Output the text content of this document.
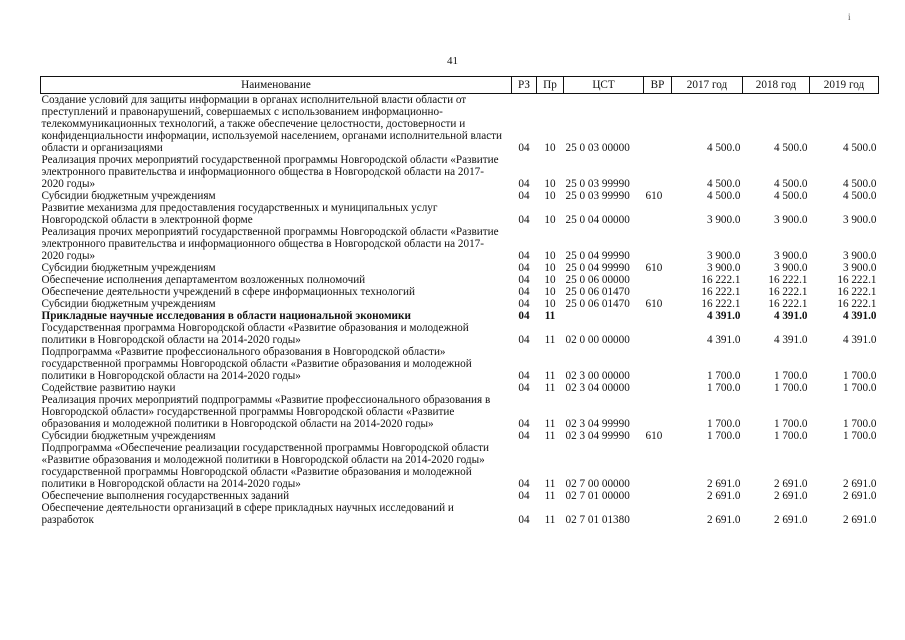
i
41
Наименование	РЗ	Пр	ЦСТ	ВР	2017 год	2018 год	2019 год
Создание условий для защиты информации в органах исполнительной власти области от преступлений и правонарушений, совершаемых с использованием информационно-телекоммуникационных технологий, а также обеспечение целостности, достоверности и конфиденциальности информации, используемой населением, органами исполнительной власти области и организациями	04	10	25 0 03 00000		4 500.0	4 500.0	4 500.0
Реализация прочих мероприятий государственной программы Новгородской области «Развитие электронного правительства и информационного общества в Новгородской области на 2017-2020 годы»	04	10	25 0 03 99990		4 500.0	4 500.0	4 500.0
Субсидии бюджетным учреждениям	04	10	25 0 03 99990	610	4 500.0	4 500.0	4 500.0
Развитие механизма для предоставления государственных и муниципальных услуг Новгородской области в электронной форме	04	10	25 0 04 00000		3 900.0	3 900.0	3 900.0
Реализация прочих мероприятий государственной программы Новгородской области «Развитие электронного правительства и информационного общества в Новгородской области на 2017-2020 годы»	04	10	25 0 04 99990		3 900.0	3 900.0	3 900.0
Субсидии бюджетным учреждениям	04	10	25 0 04 99990	610	3 900.0	3 900.0	3 900.0
Обеспечение исполнения департаментом возложенных полномочий	04	10	25 0 06 00000		16 222.1	16 222.1	16 222.1
Обеспечение деятельности учреждений в сфере информационных технологий	04	10	25 0 06 01470		16 222.1	16 222.1	16 222.1
Субсидии бюджетным учреждениям	04	10	25 0 06 01470	610	16 222.1	16 222.1	16 222.1
Прикладные научные исследования в области национальной экономики	04	11			4 391.0	4 391.0	4 391.0
Государственная программа Новгородской области «Развитие образования и молодежной политики в Новгородской области на 2014-2020 годы»	04	11	02 0 00 00000		4 391.0	4 391.0	4 391.0
Подпрограмма «Развитие профессионального образования в Новгородской области» государственной программы Новгородской области «Развитие образования и молодежной политики в Новгородской области на 2014-2020 годы»	04	11	02 3 00 00000		1 700.0	1 700.0	1 700.0
Содействие развитию науки	04	11	02 3 04 00000		1 700.0	1 700.0	1 700.0
Реализация прочих мероприятий подпрограммы «Развитие профессионального образования в Новгородской области» государственной программы Новгородской области «Развитие образования и молодежной политики в Новгородской области на 2014-2020 годы»	04	11	02 3 04 99990		1 700.0	1 700.0	1 700.0
Субсидии бюджетным учреждениям	04	11	02 3 04 99990	610	1 700.0	1 700.0	1 700.0
Подпрограмма «Обеспечение реализации государственной программы Новгородской области «Развитие образования и молодежной политики в Новгородской области на 2014-2020 годы» государственной программы Новгородской области «Развитие образования и молодежной политики в Новгородской области на 2014-2020 годы»	04	11	02 7 00 00000		2 691.0	2 691.0	2 691.0
Обеспечение выполнения государственных заданий	04	11	02 7 01 00000		2 691.0	2 691.0	2 691.0
Обеспечение деятельности организаций в сфере прикладных научных исследований и разработок	04	11	02 7 01 01380		2 691.0	2 691.0	2 691.0
